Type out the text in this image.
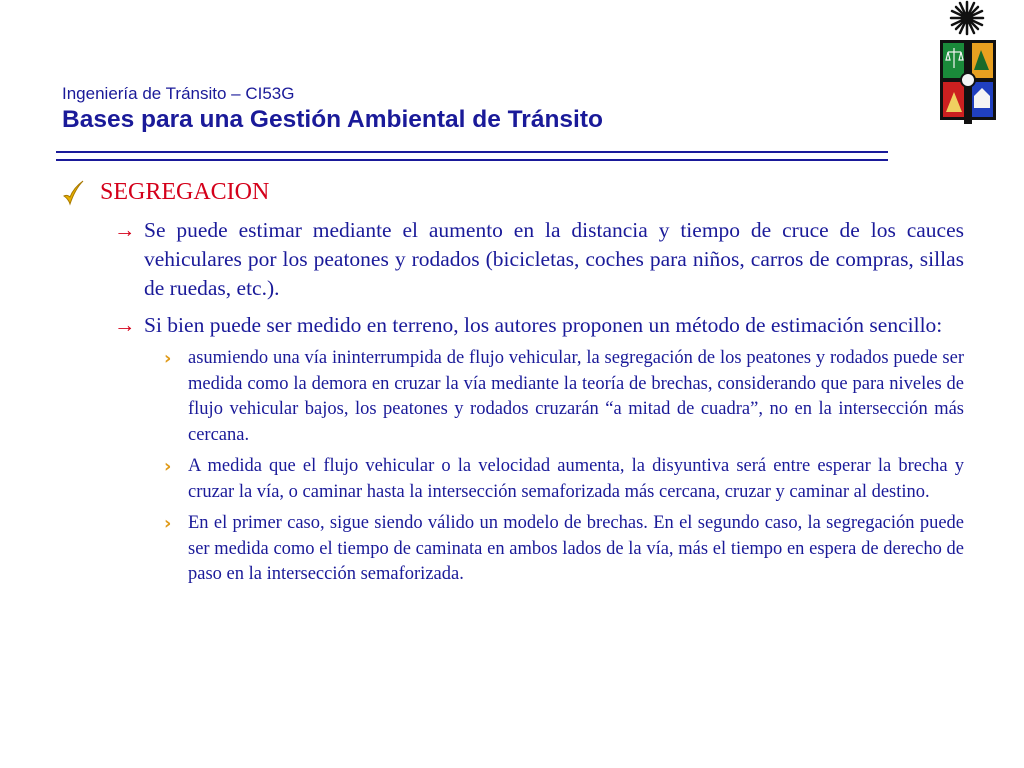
Ingeniería de Tránsito – CI53G
Bases para una Gestión Ambiental de Tránsito
SEGREGACION
→ Se puede estimar mediante el aumento en la distancia y tiempo de cruce de los cauces vehiculares por los peatones y rodados (bicicletas, coches para niños, carros de compras, sillas de ruedas, etc.).
→ Si bien puede ser medido en terreno, los autores proponen un método de estimación sencillo:
› asumiendo una vía ininterrumpida de flujo vehicular, la segregación de los peatones y rodados puede ser medida como la demora en cruzar la vía mediante la teoría de brechas, considerando que para niveles de flujo vehicular bajos, los peatones y rodados cruzarán “a mitad de cuadra”, no en la intersección más cercana.
› A medida que el flujo vehicular o la velocidad aumenta, la disyuntiva será entre esperar la brecha y cruzar la vía, o caminar hasta la intersección semaforizada más cercana, cruzar y caminar al destino.
› En el primer caso, sigue siendo válido un modelo de brechas. En el segundo caso, la segregación puede ser medida como el tiempo de caminata en ambos lados de la vía, más el tiempo en espera de derecho de paso en la intersección semaforizada.
